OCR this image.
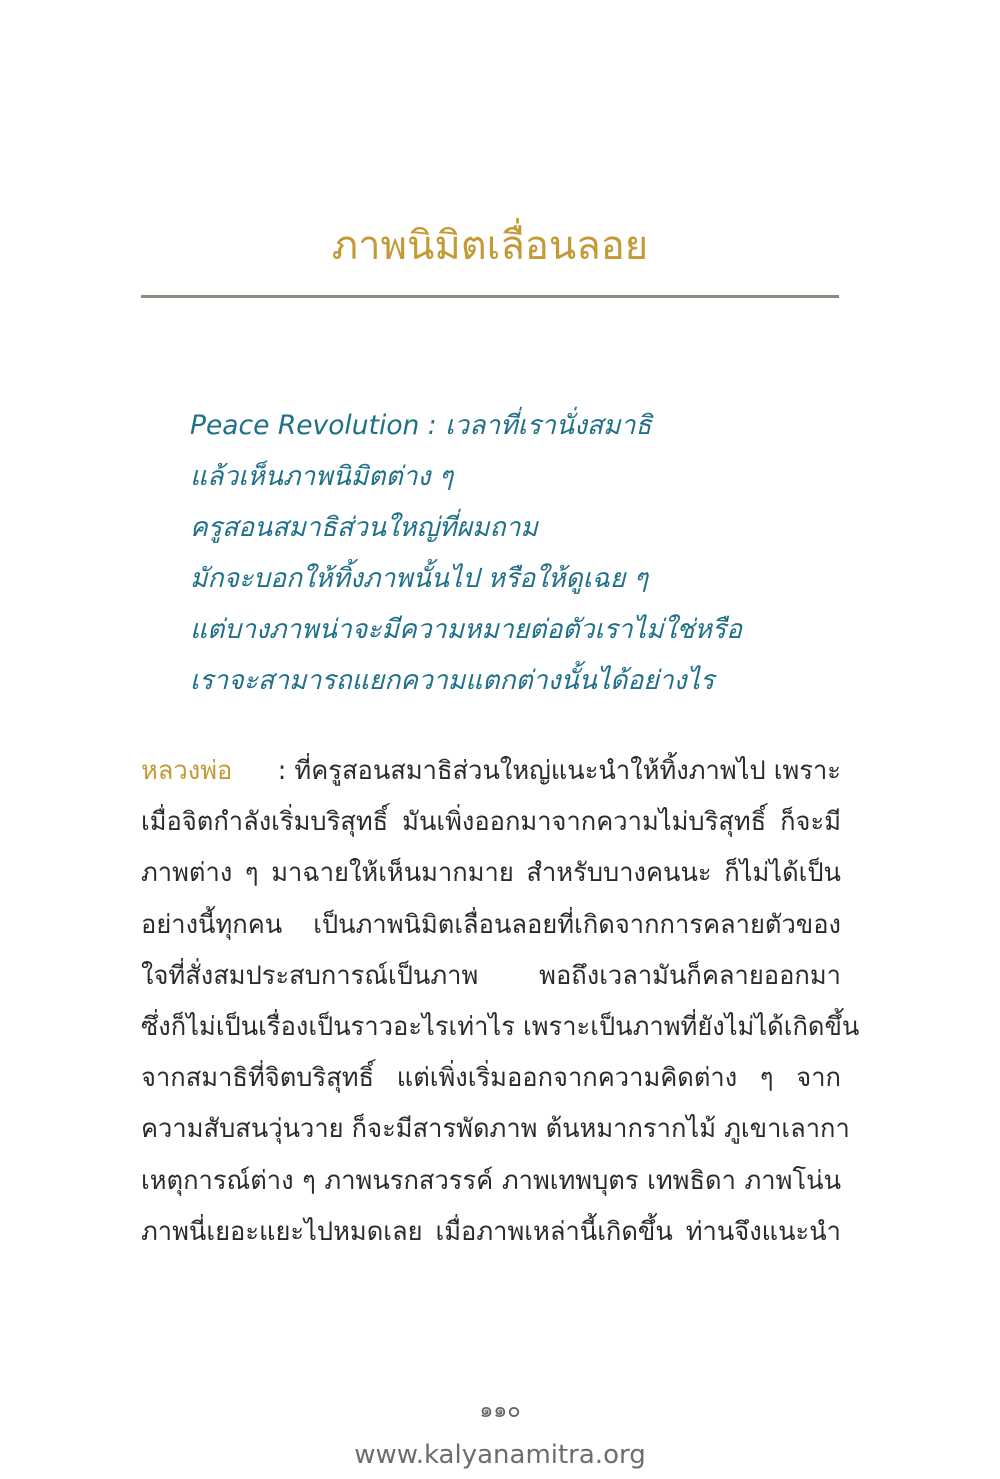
ภาพนิมิตเลื่อนลอย
Peace Revolution : เวลาที่เรานั่งสมาธิ
แล้วเห็นภาพนิมิตต่าง ๆ
ครูสอนสมาธิส่วนใหญ่ที่ผมถาม
มักจะบอกให้ทิ้งภาพนั้นไป หรือให้ดูเฉย ๆ
แต่บางภาพน่าจะมีความหมายต่อตัวเราไม่ใช่หรือ
เราจะสามารถแยกความแตกต่างนั้นได้อย่างไร
หลวงพ่อ : ที่ครูสอนสมาธิส่วนใหญ่แนะนำให้ทิ้งภาพไป เพราะ
เมื่อจิตกำลังเริ่มบริสุทธิ์ มันเพิ่งออกมาจากความไม่บริสุทธิ์ ก็จะมี
ภาพต่าง ๆ มาฉายให้เห็นมากมาย สำหรับบางคนนะ ก็ไม่ได้เป็น
อย่างนี้ทุกคน เป็นภาพนิมิตเลื่อนลอยที่เกิดจากการคลายตัวของ
ใจที่สั่งสมประสบการณ์เป็นภาพ พอถึงเวลามันก็คลายออกมา
ซึ่งก็ไม่เป็นเรื่องเป็นราวอะไรเท่าไร เพราะเป็นภาพที่ยังไม่ได้เกิดขึ้น
จากสมาธิที่จิตบริสุทธิ์ แต่เพิ่งเริ่มออกจากความคิดต่าง ๆ จาก
ความสับสนวุ่นวาย ก็จะมีสารพัดภาพ ต้นหมากรากไม้ ภูเขาเลากา
เหตุการณ์ต่าง ๆ ภาพนรกสวรรค์ ภาพเทพบุตร เทพธิดา ภาพโน่น
ภาพนี่เยอะแยะไปหมดเลย เมื่อภาพเหล่านี้เกิดขึ้น ท่านจึงแนะนำ
๑๑๐
www.kalyanamitra.org
